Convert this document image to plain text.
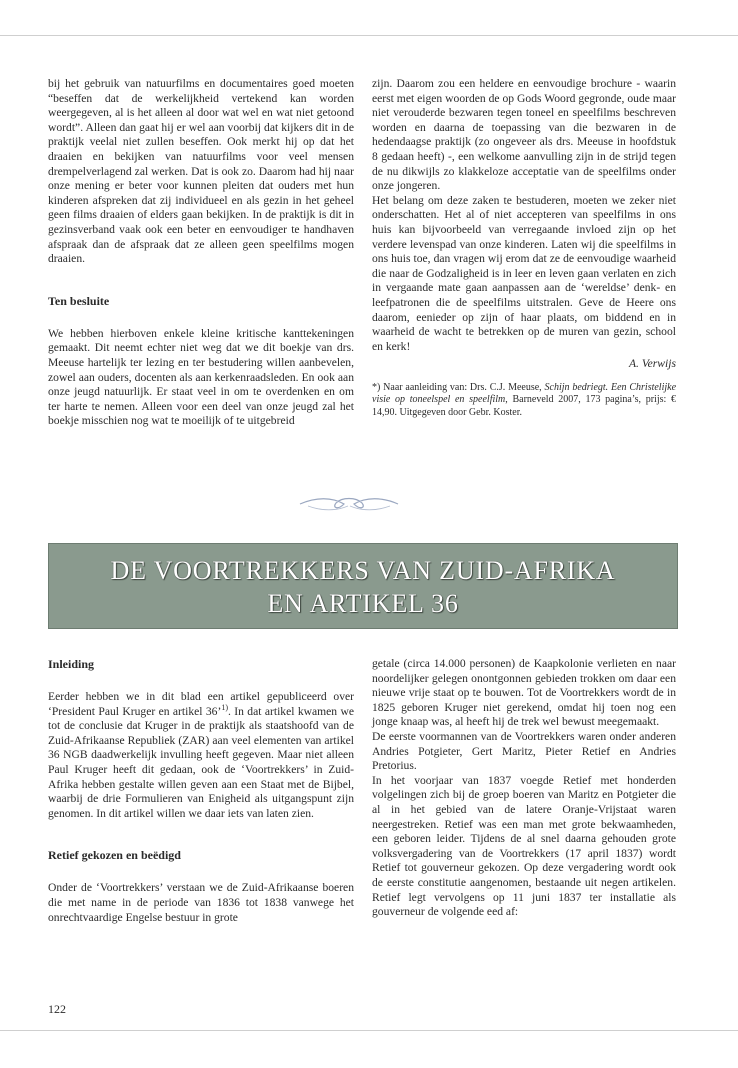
bij het gebruik van natuurfilms en documentaires goed moeten “beseffen dat de werkelijkheid vertekend kan worden weergegeven, al is het alleen al door wat wel en wat niet getoond wordt”. Alleen dan gaat hij er wel aan voorbij dat kijkers dit in de praktijk veelal niet zullen beseffen. Ook merkt hij op dat het draaien en bekijken van natuurfilms voor veel mensen drempelverlagend zal werken. Dat is ook zo. Daarom had hij naar onze mening er beter voor kunnen pleiten dat ouders met hun kinderen afspreken dat zij individueel en als gezin in het geheel geen films draaien of elders gaan bekijken. In de praktijk is dit in gezinsverband vaak ook een beter en eenvoudiger te handhaven afspraak dan de afspraak dat ze alleen geen speelfilms mogen draaien.

Ten besluite

We hebben hierboven enkele kleine kritische kanttekeningen gemaakt. Dit neemt echter niet weg dat we dit boekje van drs. Meeuse hartelijk ter lezing en ter bestudering willen aanbevelen, zowel aan ouders, docenten als aan kerkenraadsleden. En ook aan onze jeugd natuurlijk. Er staat veel in om te overdenken en om ter harte te nemen. Alleen voor een deel van onze jeugd zal het boekje misschien nog wat te moeilijk of te uitgebreid

zijn. Daarom zou een heldere en eenvoudige brochure - waarin eerst met eigen woorden de op Gods Woord gegronde, oude maar niet verouderde bezwaren tegen toneel en speelfilms beschreven worden en daarna de toepassing van die bezwaren in de hedendaagse praktijk (zo ongeveer als drs. Meeuse in hoofdstuk 8 gedaan heeft) -, een welkome aanvulling zijn in de strijd tegen de nu dikwijls zo klakkeloze acceptatie van de speelfilms onder onze jongeren.

Het belang om deze zaken te bestuderen, moeten we zeker niet onderschatten. Het al of niet accepteren van speelfilms in ons huis kan bijvoorbeeld van verregaande invloed zijn op het verdere levenspad van onze kinderen. Laten wij die speelfilms in ons huis toe, dan vragen wij erom dat ze de eenvoudige waarheid die naar de Godzaligheid is in leer en leven gaan verlaten en zich in vergaande mate gaan aanpassen aan de ‘wereldse’ denk- en leefpatronen die de speelfilms uitstralen. Geve de Heere ons daarom, eenieder op zijn of haar plaats, om biddend en in waarheid de wacht te betrekken op de muren van gezin, school en kerk!

A. Verwijs

*) Naar aanleiding van: Drs. C.J. Meeuse, Schijn bedriegt. Een Christelijke visie op toneelspel en speelfilm, Barneveld 2007, 173 pagina’s, prijs: € 14,90. Uitgegeven door Gebr. Koster.

DE VOORTREKKERS VAN ZUID-AFRIKA
EN ARTIKEL 36
Inleiding

Eerder hebben we in dit blad een artikel gepubliceerd over ‘President Paul Kruger en artikel 36’$^{1)}$. In dat artikel kwamen we tot de conclusie dat Kruger in de praktijk als staatshoofd van de Zuid-Afrikaanse Republiek (ZAR) aan veel elementen van artikel 36 NGB daadwerkelijk invulling heeft gegeven. Maar niet alleen Paul Kruger heeft dit gedaan, ook de ‘Voortrekkers’ in Zuid-Afrika hebben gestalte willen geven aan een Staat met de Bijbel, waarbij de drie Formulieren van Enigheid als uitgangspunt zijn genomen. In dit artikel willen we daar iets van laten zien.

Retief gekozen en beëdigd

Onder de ‘Voortrekkers’ verstaan we de Zuid-Afrikaanse boeren die met name in de periode van 1836 tot 1838 vanwege het onrechtvaardige Engelse bestuur in grote

getale (circa 14.000 personen) de Kaapkolonie verlieten en naar noordelijker gelegen onontgonnen gebieden trokken om daar een nieuwe vrije staat op te bouwen. Tot de Voortrekkers wordt de in 1825 geboren Kruger niet gerekend, omdat hij toen nog een jonge knaap was, al heeft hij de trek wel bewust meegemaakt.

De eerste voormannen van de Voortrekkers waren onder anderen Andries Potgieter, Gert Maritz, Pieter Retief en Andries Pretorius.

In het voorjaar van 1837 voegde Retief met honderden volgelingen zich bij de groep boeren van Maritz en Potgieter die al in het gebied van de latere Oranje-Vrijstaat waren neergestreken. Retief was een man met grote bekwaamheden, een geboren leider. Tijdens de al snel daarna gehouden grote volksvergadering van de Voortrekkers (17 april 1837) wordt Retief tot gouverneur gekozen. Op deze vergadering wordt ook de eerste constitutie aangenomen, bestaande uit negen artikelen. Retief legt vervolgens op 11 juni 1837 ter installatie als gouverneur de volgende eed af:

122
